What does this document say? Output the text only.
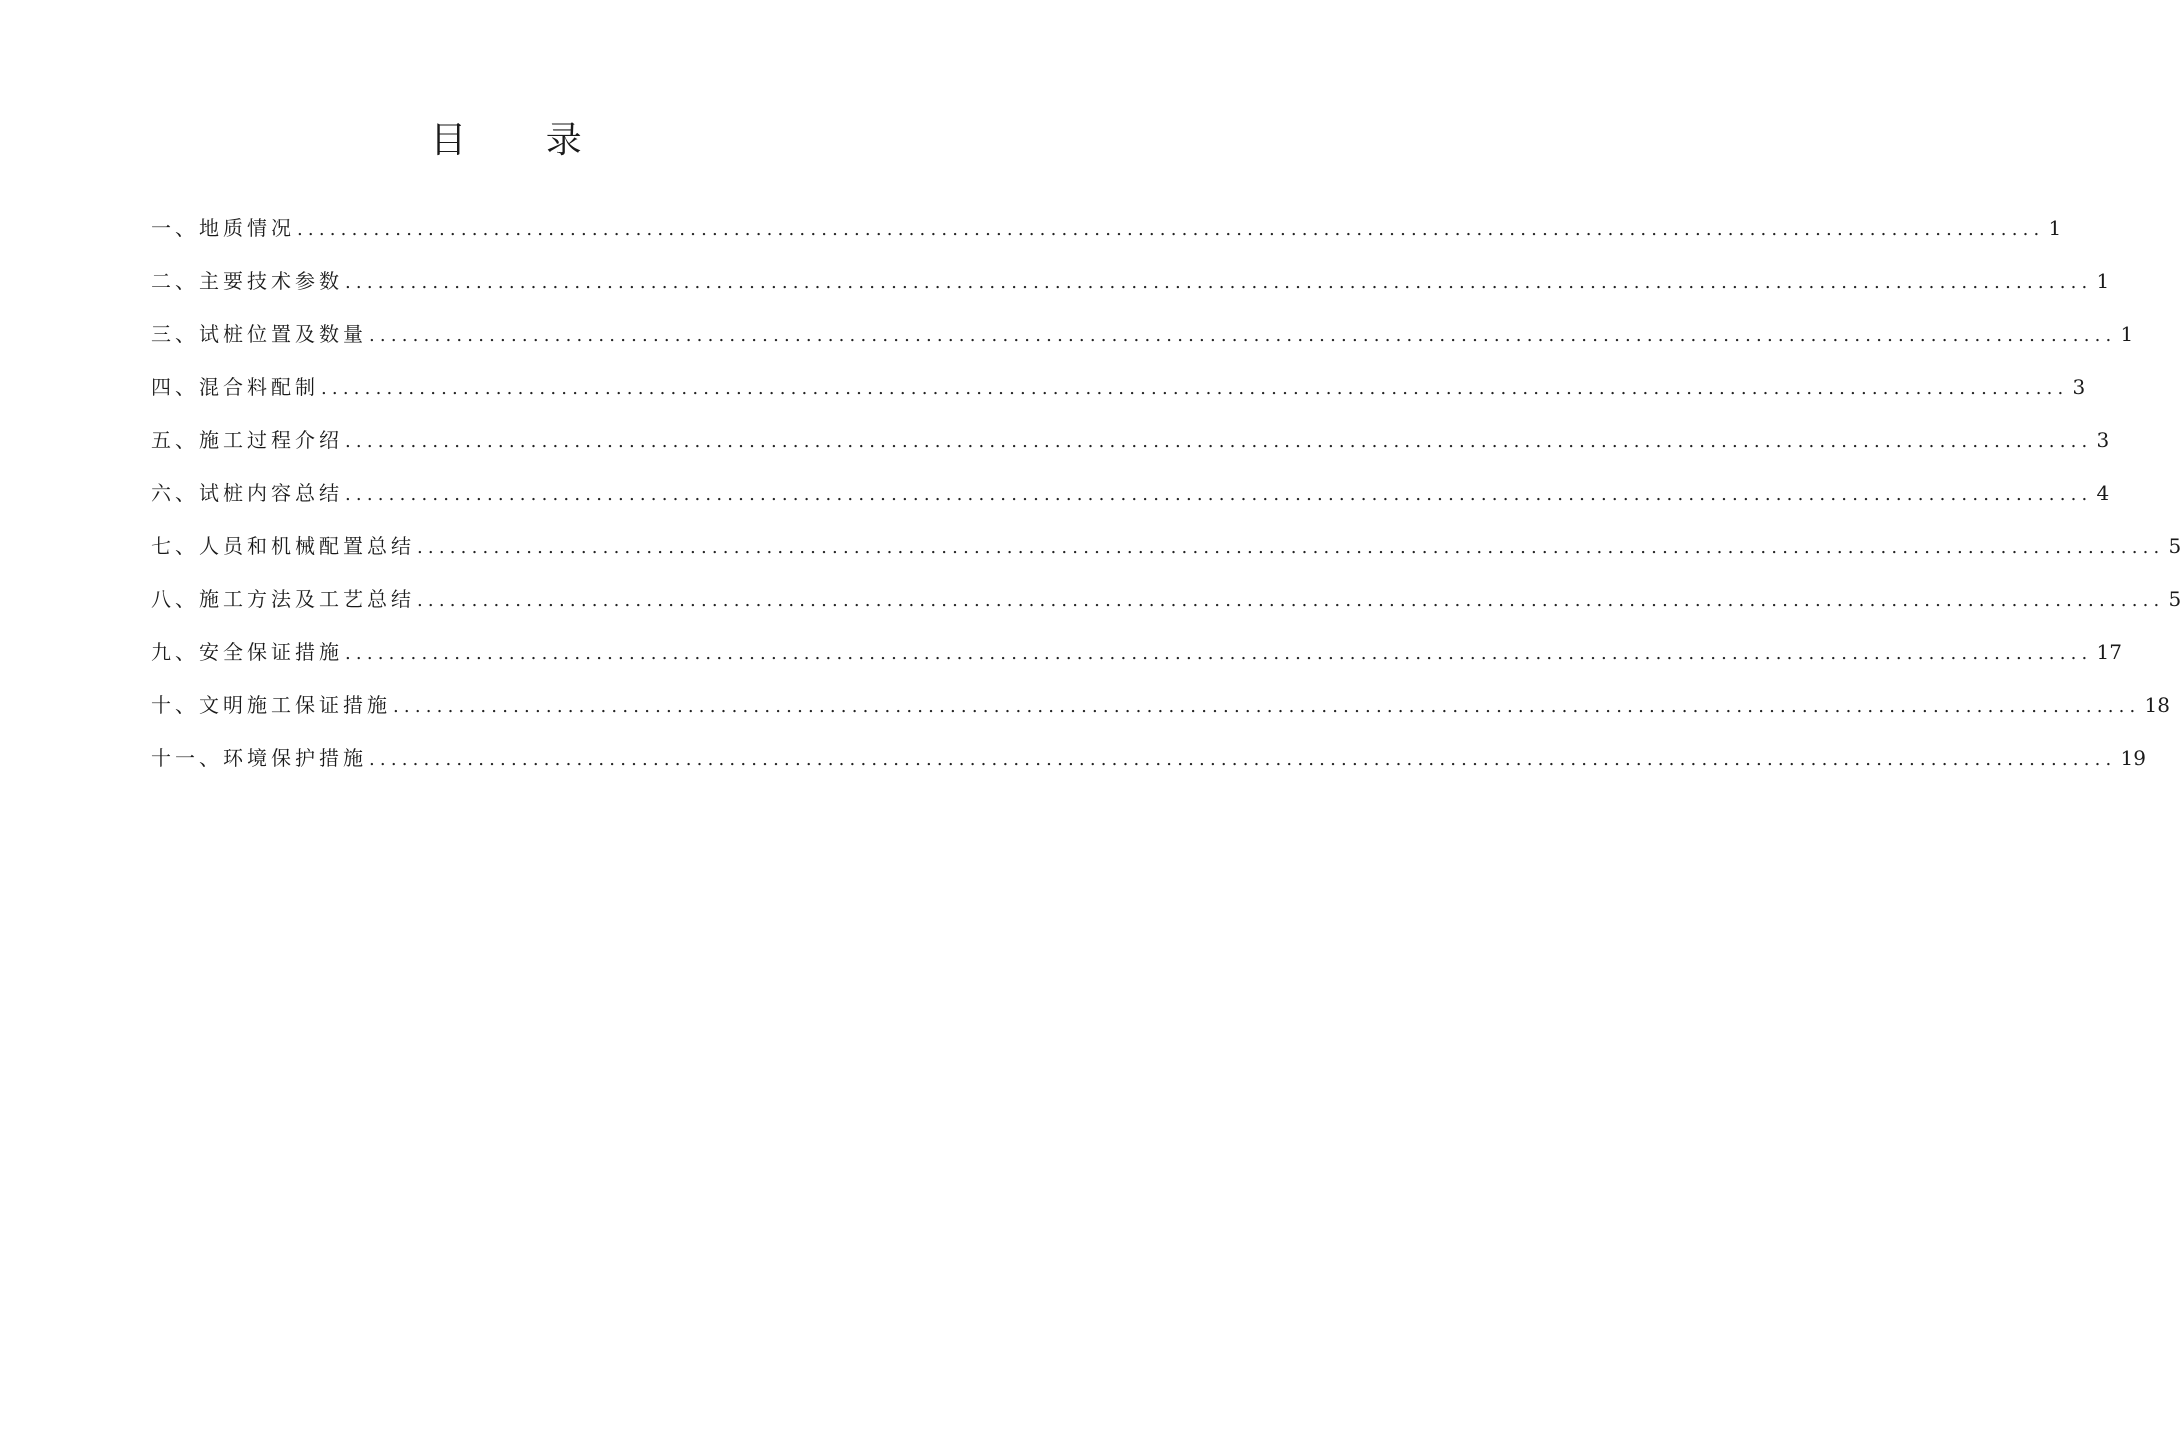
目 录
一、地质情况 ................................................................................................................................................................ 1
二、主要技术参数 ................................................................................................................................................................ 1
三、试桩位置及数量 ................................................................................................................................................................ 1
四、混合料配制 ................................................................................................................................................................ 3
五、施工过程介绍 ................................................................................................................................................................ 3
六、试桩内容总结 ................................................................................................................................................................ 4
七、人员和机械配置总结 ................................................................................................................................................................ 5
八、施工方法及工艺总结 ................................................................................................................................................................ 5
九、安全保证措施 ................................................................................................................................................................ 17
十、文明施工保证措施 ................................................................................................................................................................ 18
十一、环境保护措施 ................................................................................................................................................................ 19
